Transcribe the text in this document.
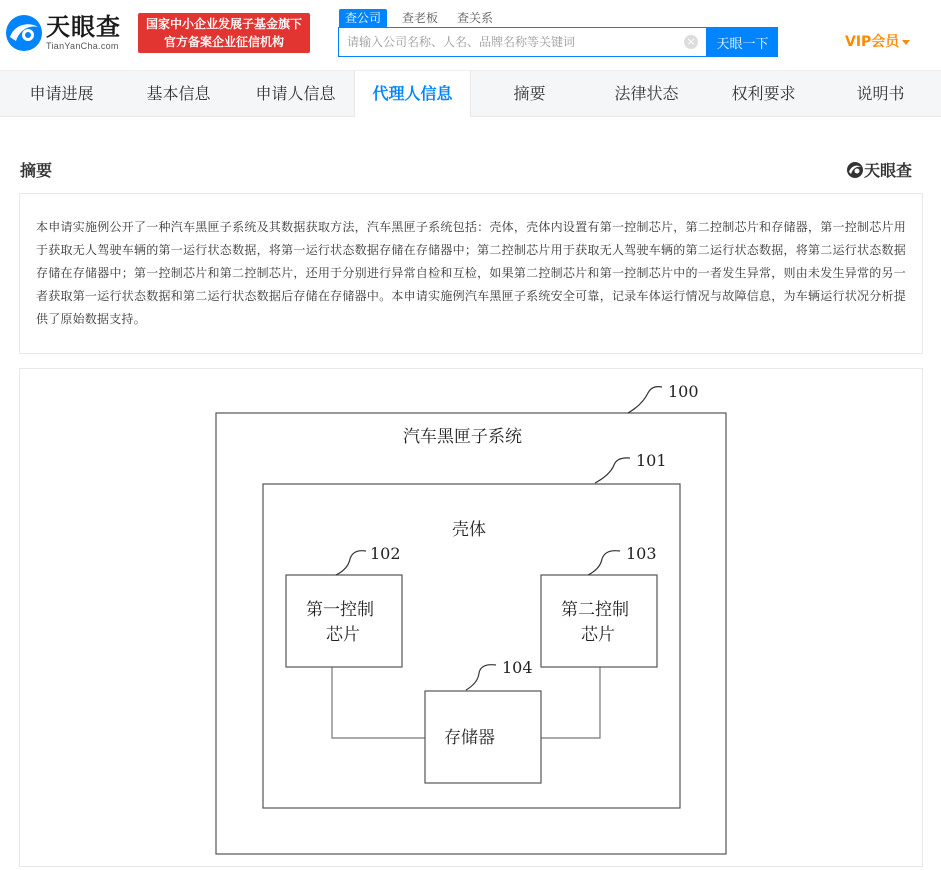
天眼查
TianYanCha.com
国家中小企业发展子基金旗下
官方备案企业征信机构
查公司	查老板 查关系
请输入公司名称、人名、品牌名称等关键词
×	天眼一下	VIP会员
申请进展	基本信息	申请人信息	代理人信息	摘要	法律状态	权利要求	说明书
摘要	天眼查
本申请实施例公开了一种汽车黑匣子系统及其数据获取方法，汽车黑匣子系统包括：壳体，壳体内设置有第一控制芯片，第二控制芯片和存储器，第一控制芯片用于获取无人驾驶车辆的第一运行状态数据，将第一运行状态数据存储在存储器中；第二控制芯片用于获取无人驾驶车辆的第二运行状态数据，将第二运行状态数据存储在存储器中；第一控制芯片和第二控制芯片，还用于分别进行异常自检和互检，如果第二控制芯片和第一控制芯片中的一者发生异常，则由未发生异常的另一者获取第一运行状态数据和第二运行状态数据后存储在存储器中。本申请实施例汽车黑匣子系统安全可靠，记录车体运行情况与故障信息，为车辆运行状况分析提供了原始数据支持。
汽车黑匣子系统
100
壳体
101
第一控制
芯片
102
第二控制
芯片
103
存储器
104
